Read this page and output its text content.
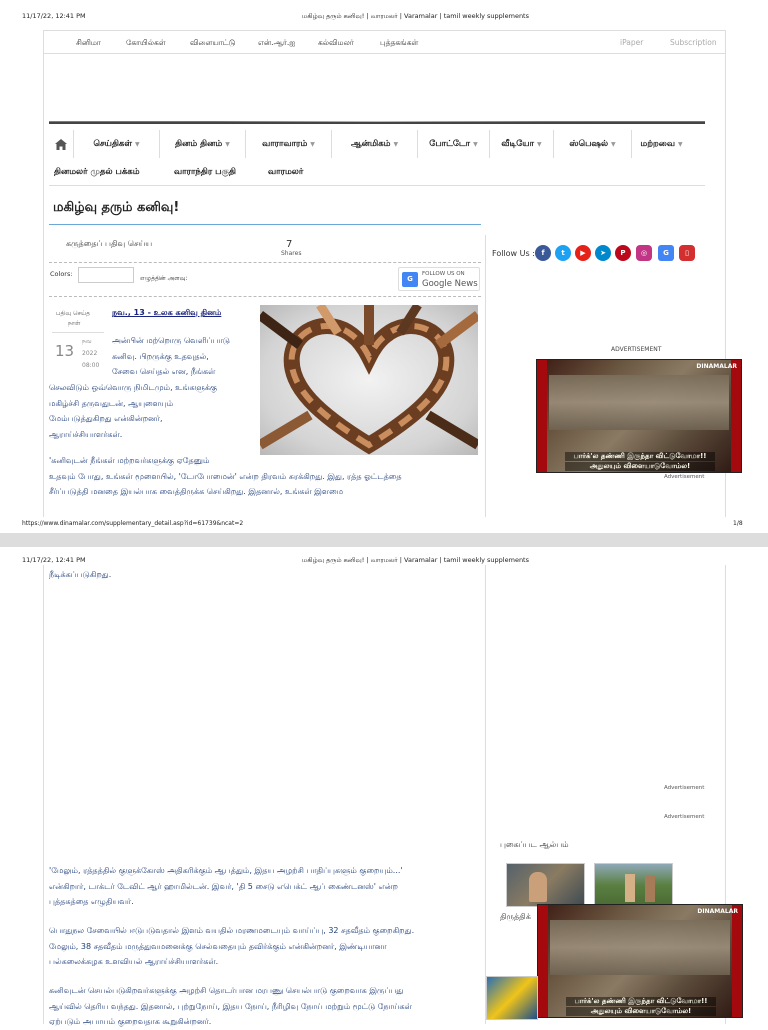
11/17/22, 12:41 PM	மகிழ்வு தரும் கனிவு! | வாரமலர் | Varamalar | tamil weekly supplements
சினிமா	கோயில்கள்	விளையாட்டு	என்.ஆர்.ஐ	கல்விமலர்	புத்தகங்கள்	iPaper	Subscription
செய்திகள் ▼	தினம் தினம் ▼	வாராவாரம் ▼	ஆன்மிகம் ▼	போட்டோ ▼	வீடியோ ▼	ஸ்பெஷல் ▼	மற்றவை ▼
தினமலர் முதல் பக்கம்	வாராந்திர பகுதி	வாரமலர்
மகிழ்வு தரும் கனிவு!
கருத்தைப் பதிவு செய்ய	7
Shares
Colors:
எழுத்தின் அளவு:	G
FOLLOW US ON
Google News
பதிவு செய்த
நாள்
13
நவ
2022
08:00
நவ., 13 - உலக கனிவு தினம்
அன்பின் மற்றொரு வெளிப்பாடு
கனிவு. பிறருக்கு உதவுதல்,
சேவை செய்தல் என, நீங்கள்
செலவிடும் ஒவ்வொரு நிமிடமும், உங்களுக்கு
மகிழ்ச்சி தருவதுடன், ஆயுளையும்
மேம்படுத்துகிறது என்கின்றனர்,
ஆராய்ச்சியாளர்கள்.
'கனிவுடன் நீங்கள் மற்றவர்களுக்கு ஏதேனும்
உதவும் போது, உங்கள் மூளையில், 'டோபோமைன்' என்ற திரவம் சுரக்கிறது. இது, ரத்த ஓட்டத்தை
சீர்ப்படுத்தி மனதை இயல்பாக வைத்திருக்க செய்கிறது. இதனால், உங்கள் இளமை
Follow Us : f	t	▶	➤	P	◎	G	▯
ADVERTISEMENT
DINAMALAR
பார்க்'ல தண்ணி இருந்தா விட்டுவோமா!!
அதுலயும் விளையாடுவோம்ல!
Advertisement
https://www.dinamalar.com/supplementary_detail.asp?id=61739&ncat=2	1/8
11/17/22, 12:41 PM	மகிழ்வு தரும் கனிவு! | வாரமலர் | Varamalar | tamil weekly supplements
நீடிக்கப்படுகிறது.
Advertisement
Advertisement
புகைப்பட ஆல்பம்
'மேலும், ரத்தத்தில் குளுக்கோஸ் அதிகரிக்கும் ஆபத்தும், இதய அழற்சி பாதிப்புகளும் குறையும்...'
என்கிறார், டாக்டர் டேவிட் ஆர் ஹாமில்டன். இவர், 'தி 5 சைடு எபெக்ட் ஆப் கைண்டனஸ்' என்ற
புத்தகத்தை எழுதியவர்.
பொதுநல சேவையில் ஈடுபடுவதால் இளம் வயதில் மரணமடையும் வாய்ப்பு, 32 சதவீதம் குறைகிறது.
மேலும், 38 சதவீதம் மருத்துவமனைக்கு செல்வதையும் தவிர்க்கும் என்கின்றனர், இண்டியானா
பல்கலைக்கழக உளவியல் ஆராய்ச்சியாளர்கள்.
கனிவுடன் செயல்படுகிறவர்களுக்கு அழற்சி தொடர்பான மரபணு செயல்பாடு குறைவாக இருப்பது
ஆய்வில் தெரிய வந்தது. இதனால், புற்றுநோய், இதய நோய், நீரிழிவு நோய் மற்றும் மூட்டு நோய்கள்
ஏற்படும் அபாயம் குறைவதாக கூறுகின்றனர்.
திருத்திக்
DINAMALAR
பார்க்'ல தண்ணி இருந்தா விட்டுவோமா!!
அதுலயும் விளையாடுவோம்ல!
